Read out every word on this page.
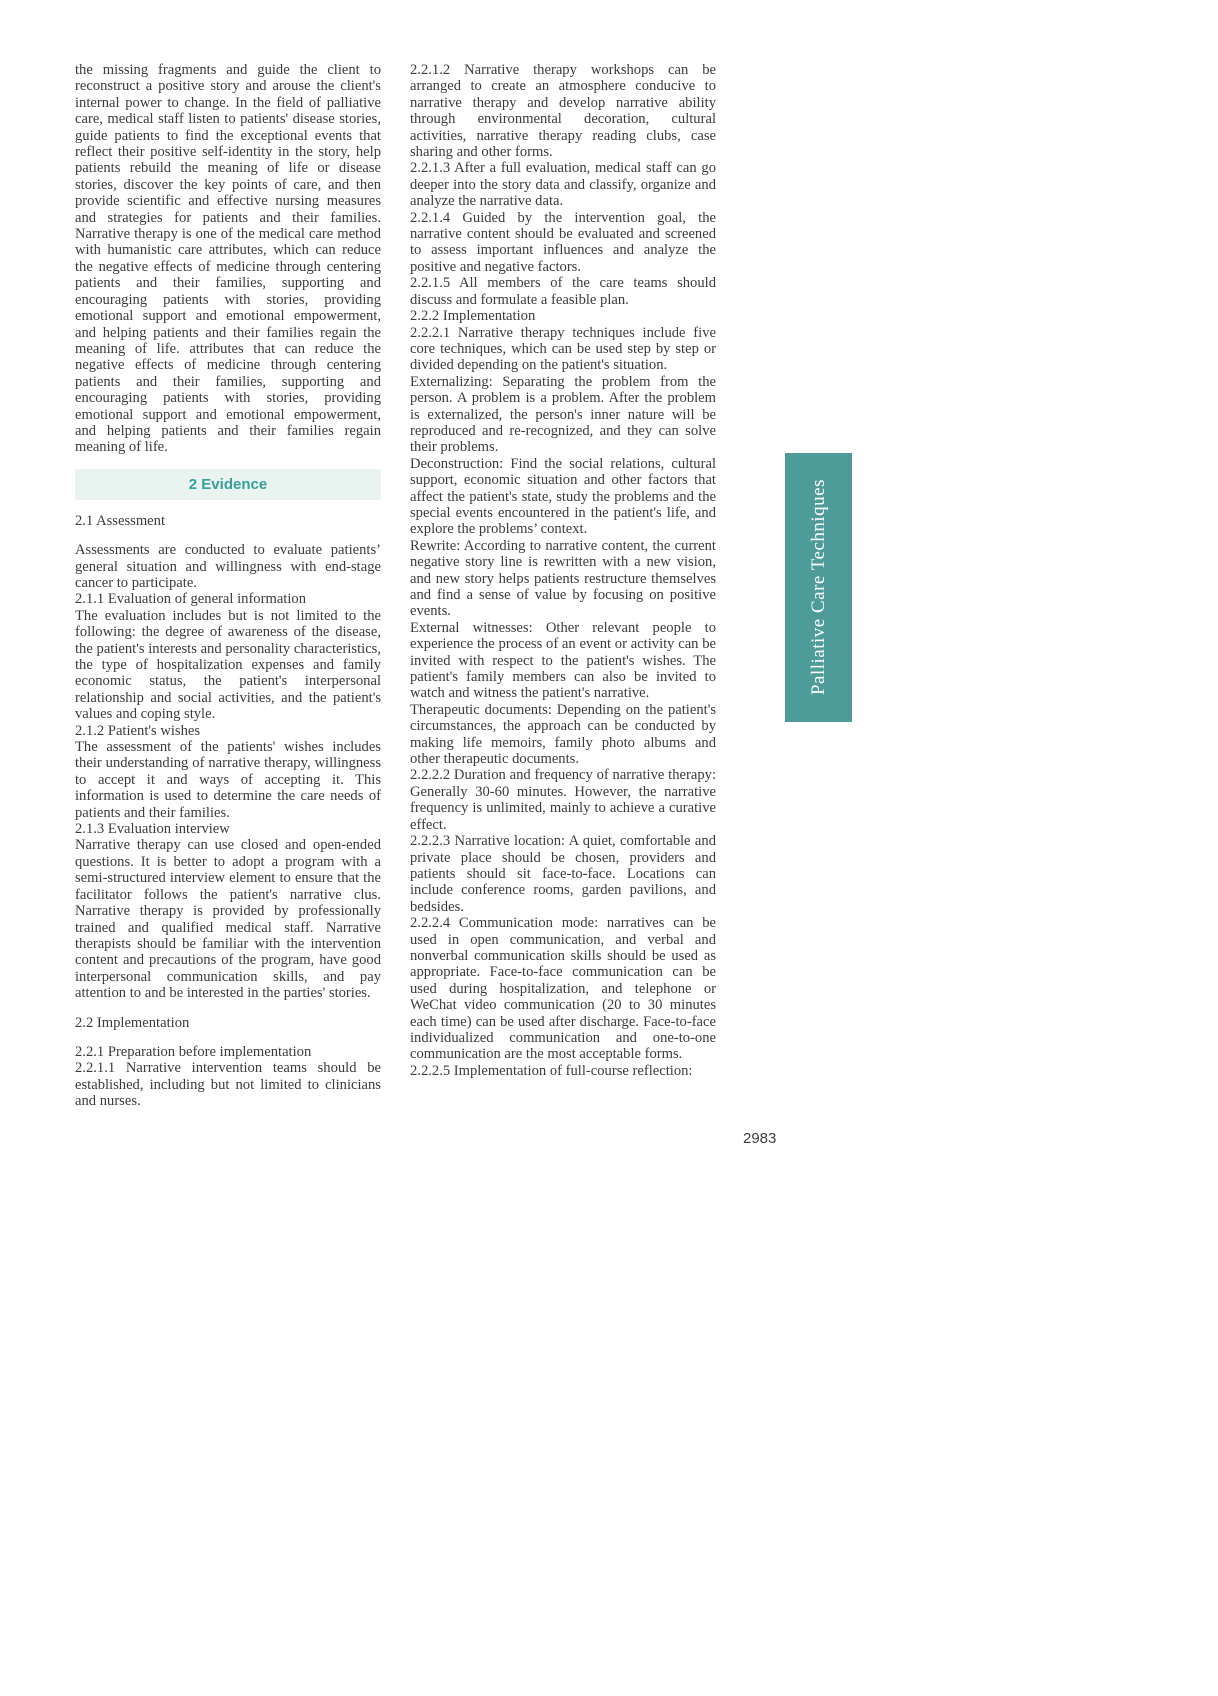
the missing fragments and guide the client to reconstruct a positive story and arouse the client's internal power to change. In the field of palliative care, medical staff listen to patients' disease stories, guide patients to find the exceptional events that reflect their positive self-identity in the story, help patients rebuild the meaning of life or disease stories, discover the key points of care, and then provide scientific and effective nursing measures and strategies for patients and their families. Narrative therapy is one of the medical care method with humanistic care attributes, which can reduce the negative effects of medicine through centering patients and their families, supporting and encouraging patients with stories, providing emotional support and emotional empowerment, and helping patients and their families regain the meaning of life. attributes that can reduce the negative effects of medicine through centering patients and their families, supporting and encouraging patients with stories, providing emotional support and emotional empowerment, and helping patients and their families regain meaning of life.
2 Evidence
2.1 Assessment
Assessments are conducted to evaluate patients’ general situation and willingness with end-stage cancer to participate.
2.1.1 Evaluation of general information
The evaluation includes but is not limited to the following: the degree of awareness of the disease, the patient's interests and personality characteristics, the type of hospitalization expenses and family economic status, the patient's interpersonal relationship and social activities, and the patient's values and coping style.
2.1.2 Patient's wishes
The assessment of the patients' wishes includes their understanding of narrative therapy, willingness to accept it and ways of accepting it. This information is used to determine the care needs of patients and their families.
2.1.3 Evaluation interview
Narrative therapy can use closed and open-ended questions. It is better to adopt a program with a semi-structured interview element to ensure that the facilitator follows the patient's narrative clus. Narrative therapy is provided by professionally trained and qualified medical staff. Narrative therapists should be familiar with the intervention content and precautions of the program, have good interpersonal communication skills, and pay attention to and be interested in the parties' stories.
2.2 Implementation
2.2.1 Preparation before implementation
2.2.1.1 Narrative intervention teams should be established, including but not limited to clinicians and nurses.
2.2.1.2 Narrative therapy workshops can be arranged to create an atmosphere conducive to narrative therapy and develop narrative ability through environmental decoration, cultural activities, narrative therapy reading clubs, case sharing and other forms.
2.2.1.3 After a full evaluation, medical staff can go deeper into the story data and classify, organize and analyze the narrative data.
2.2.1.4 Guided by the intervention goal, the narrative content should be evaluated and screened to assess important influences and analyze the positive and negative factors.
2.2.1.5 All members of the care teams should discuss and formulate a feasible plan.
2.2.2 Implementation
2.2.2.1 Narrative therapy techniques include five core techniques, which can be used step by step or divided depending on the patient's situation.
Externalizing: Separating the problem from the person. A problem is a problem. After the problem is externalized, the person's inner nature will be reproduced and re-recognized, and they can solve their problems.
Deconstruction: Find the social relations, cultural support, economic situation and other factors that affect the patient's state, study the problems and the special events encountered in the patient's life, and explore the problems’ context.
Rewrite: According to narrative content, the current negative story line is rewritten with a new vision, and new story helps patients restructure themselves and find a sense of value by focusing on positive events.
External witnesses: Other relevant people to experience the process of an event or activity can be invited with respect to the patient's wishes. The patient's family members can also be invited to watch and witness the patient's narrative.
Therapeutic documents: Depending on the patient's circumstances, the approach can be conducted by making life memoirs, family photo albums and other therapeutic documents.
2.2.2.2 Duration and frequency of narrative therapy: Generally 30-60 minutes. However, the narrative frequency is unlimited, mainly to achieve a curative effect.
2.2.2.3 Narrative location: A quiet, comfortable and private place should be chosen, providers and patients should sit face-to-face. Locations can include conference rooms, garden pavilions, and bedsides.
2.2.2.4 Communication mode: narratives can be used in open communication, and verbal and nonverbal communication skills should be used as appropriate. Face-to-face communication can be used during hospitalization, and telephone or WeChat video communication (20 to 30 minutes each time) can be used after discharge. Face-to-face individualized communication and one-to-one communication are the most acceptable forms.
2.2.2.5 Implementation of full-course reflection:
Palliative Care Techniques
2983
